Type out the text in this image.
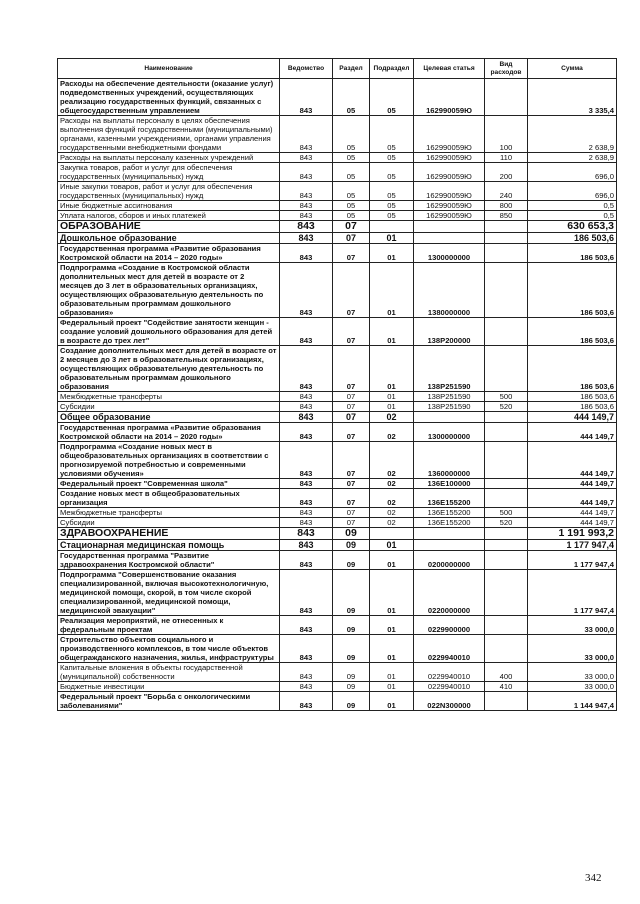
Наименование	Ведомство	Раздел	Подраздел	Целевая статья	Вид расходов	Сумма
Расходы на обеспечение деятельности (оказание услуг) подведомственных учреждений, осуществляющих реализацию государственных функций, связанных с общегосударственным управлением	843	05	05	162990059Ю		3 335,4
Расходы на выплаты персоналу в целях обеспечения выполнения функций государственными (муниципальными) органами, казенными учреждениями, органами управления государственными внебюджетными фондами	843	05	05	162990059Ю	100	2 638,9
Расходы на выплаты персоналу казенных учреждений	843	05	05	162990059Ю	110	2 638,9
Закупка товаров, работ и услуг для обеспечения государственных (муниципальных) нужд	843	05	05	162990059Ю	200	696,0
Иные закупки товаров, работ и услуг для обеспечения государственных (муниципальных) нужд	843	05	05	162990059Ю	240	696,0
Иные бюджетные ассигнования	843	05	05	162990059Ю	800	0,5
Уплата налогов, сборов и иных платежей	843	05	05	162990059Ю	850	0,5
ОБРАЗОВАНИЕ	843	07				630 653,3
Дошкольное образование	843	07	01			186 503,6
Государственная программа «Развитие образования Костромской области на 2014 – 2020 годы»	843	07	01	1300000000		186 503,6
Подпрограмма «Создание в Костромской области дополнительных мест для детей в возрасте от 2 месяцев до 3 лет в образовательных организациях, осуществляющих образовательную деятельность по образовательным программам дошкольного образования»	843	07	01	1380000000		186 503,6
Федеральный проект "Содействие занятости женщин - создание условий дошкольного образования для детей в возрасте до трех лет"	843	07	01	138P200000		186 503,6
Создание дополнительных мест для детей в возрасте от 2 месяцев до 3 лет в образовательных организациях, осуществляющих образовательную деятельность по образовательным программам дошкольного образования	843	07	01	138P251590		186 503,6
Межбюджетные трансферты	843	07	01	138P251590	500	186 503,6
Субсидии	843	07	01	138P251590	520	186 503,6
Общее образование	843	07	02			444 149,7
Государственная программа «Развитие образования Костромской области на 2014 – 2020 годы»	843	07	02	1300000000		444 149,7
Подпрограмма «Создание новых мест в общеобразовательных организациях в соответствии с прогнозируемой потребностью и современными условиями обучения»	843	07	02	1360000000		444 149,7
Федеральный проект "Современная школа"	843	07	02	136E100000		444 149,7
Создание новых мест в общеобразовательных организация	843	07	02	136E155200		444 149,7
Межбюджетные трансферты	843	07	02	136E155200	500	444 149,7
Субсидии	843	07	02	136E155200	520	444 149,7
ЗДРАВООХРАНЕНИЕ	843	09				1 191 993,2
Стационарная медицинская помощь	843	09	01			1 177 947,4
Государственная программа "Развитие здравоохранения Костромской области"	843	09	01	0200000000		1 177 947,4
Подпрограмма "Совершенствование оказания специализированной, включая высокотехнологичную, медицинской помощи, скорой, в том числе скорой специализированной, медицинской помощи, медицинской эвакуации"	843	09	01	0220000000		1 177 947,4
Реализация мероприятий, не отнесенных к федеральным проектам	843	09	01	0229900000		33 000,0
Строительство объектов социального и производственного комплексов, в том числе объектов общегражданского назначения, жилья, инфраструктуры	843	09	01	0229940010		33 000,0
Капитальные вложения в объекты государственной (муниципальной) собственности	843	09	01	0229940010	400	33 000,0
Бюджетные инвестиции	843	09	01	0229940010	410	33 000,0
Федеральный проект "Борьба с онкологическими заболеваниями"	843	09	01	022N300000		1 144 947,4
342
